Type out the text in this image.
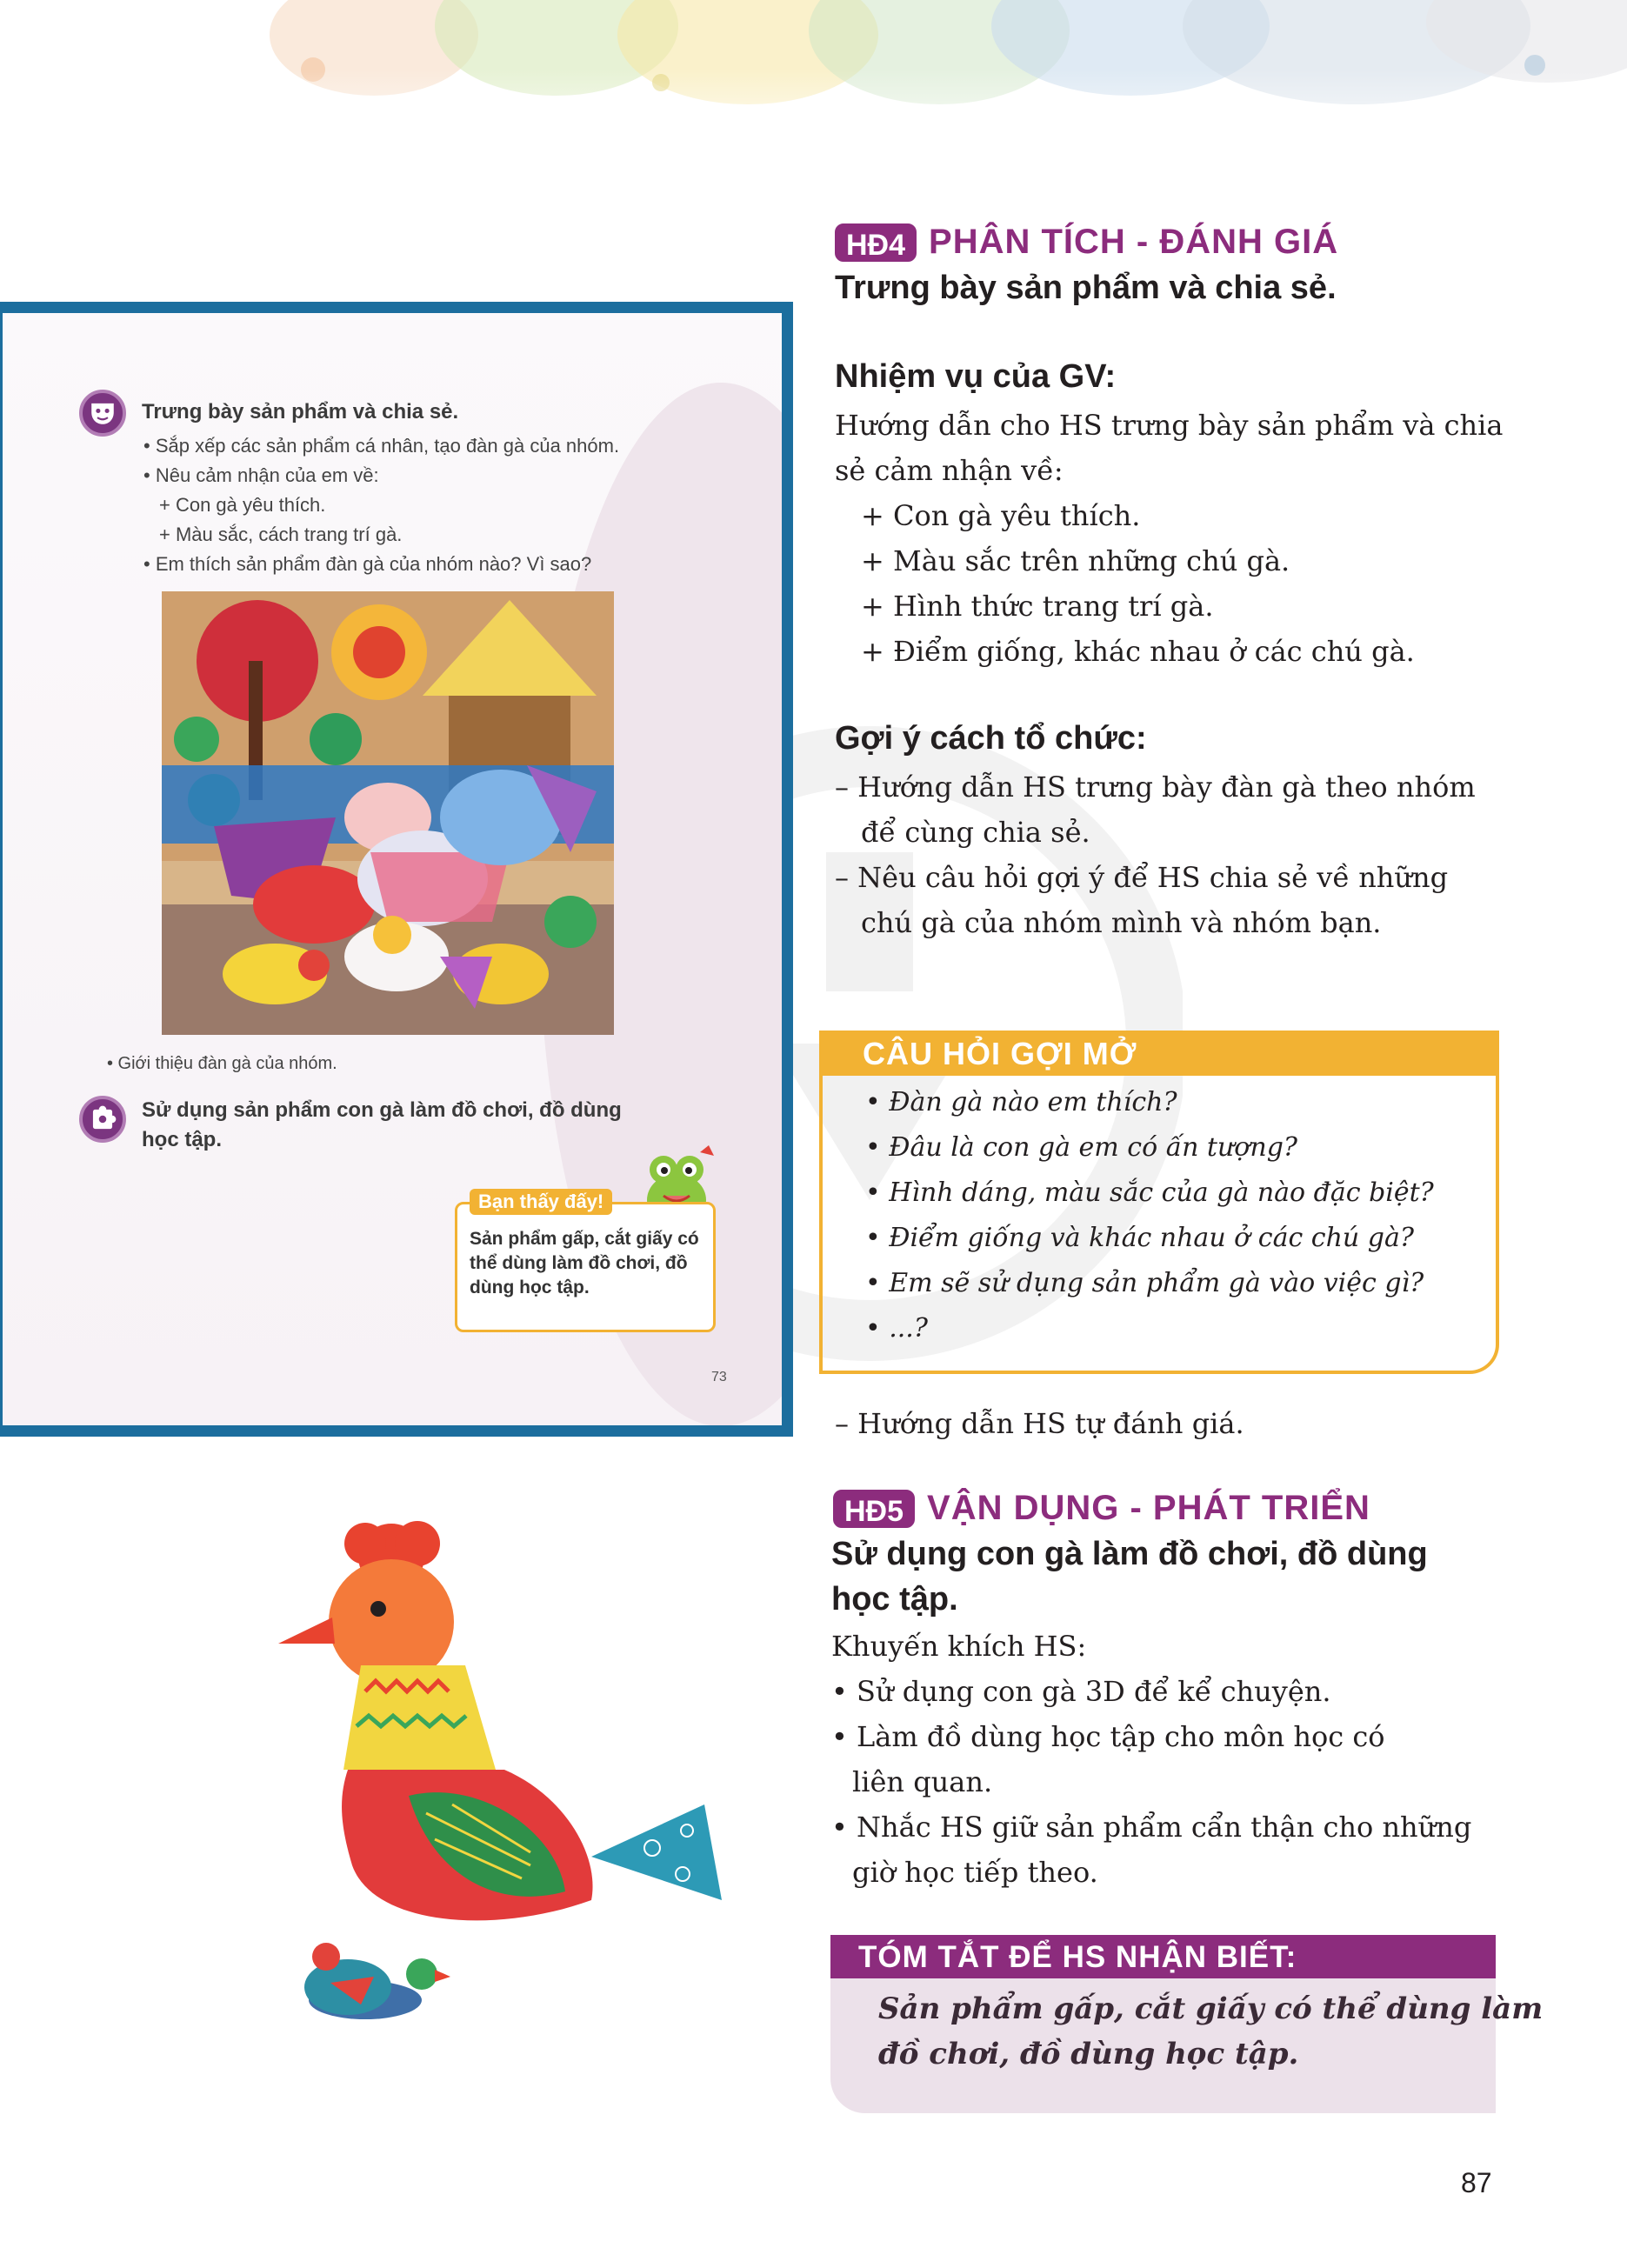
Trưng bày sản phẩm và chia sẻ.
• Sắp xếp các sản phẩm cá nhân, tạo đàn gà của nhóm.
• Nêu cảm nhận của em về:
+ Con gà yêu thích.
+ Màu sắc, cách trang trí gà.
• Em thích sản phẩm đàn gà của nhóm nào? Vì sao?
• Giới thiệu đàn gà của nhóm.
Sử dụng sản phẩm con gà làm đồ chơi, đồ dùng
học tập.
Bạn thấy đấy!
Sản phẩm gấp, cắt giấy có thể dùng làm đồ chơi, đồ dùng học tập.
73
HĐ4 PHÂN TÍCH - ĐÁNH GIÁ
Trưng bày sản phẩm và chia sẻ.
Nhiệm vụ của GV:
Hướng dẫn cho HS trưng bày sản phẩm và chia
sẻ cảm nhận về:
+ Con gà yêu thích.
+ Màu sắc trên những chú gà.
+ Hình thức trang trí gà.
+ Điểm giống, khác nhau ở các chú gà.
Gợi ý cách tổ chức:
– Hướng dẫn HS trưng bày đàn gà theo nhóm
để cùng chia sẻ.
– Nêu câu hỏi gợi ý để HS chia sẻ về những
chú gà của nhóm mình và nhóm bạn.
CÂU HỎI GỢI MỞ
• Đàn gà nào em thích?
• Đâu là con gà em có ấn tượng?
• Hình dáng, màu sắc của gà nào đặc biệt?
• Điểm giống và khác nhau ở các chú gà?
• Em sẽ sử dụng sản phẩm gà vào việc gì?
• ...?
– Hướng dẫn HS tự đánh giá.
HĐ5 VẬN DỤNG - PHÁT TRIỂN
Sử dụng con gà làm đồ chơi, đồ dùng
học tập.
Khuyến khích HS:
• Sử dụng con gà 3D để kể chuyện.
• Làm đồ dùng học tập cho môn học có
liên quan.
• Nhắc HS giữ sản phẩm cẩn thận cho những
giờ học tiếp theo.
TÓM TẮT ĐỂ HS NHẬN BIẾT:
Sản phẩm gấp, cắt giấy có thể dùng làm
đồ chơi, đồ dùng học tập.
87
